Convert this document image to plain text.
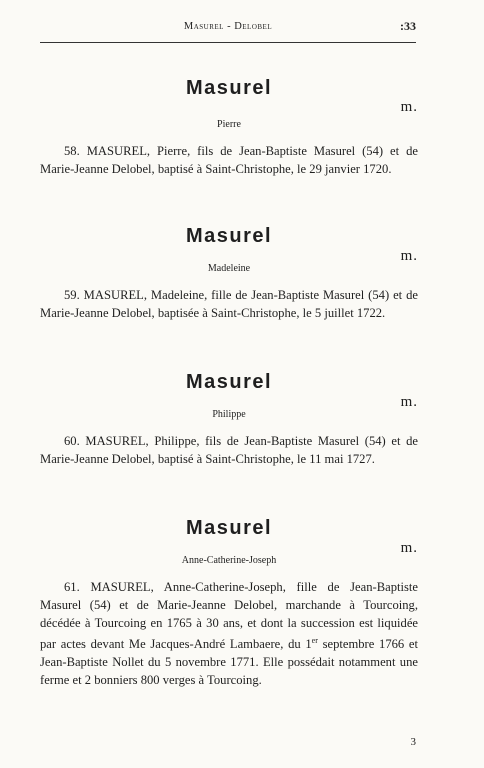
Masurel - Delobel	:33
Masurel
m.
Pierre
58. MASUREL, Pierre, fils de Jean-Baptiste Masurel (54) et de Marie-Jeanne Delobel, baptisé à Saint-Christophe, le 29 janvier 1720.
Masurel
m.
Madeleine
59. MASUREL, Madeleine, fille de Jean-Baptiste Masurel (54) et de Marie-Jeanne Delobel, baptisée à Saint-Christophe, le 5 juillet 1722.
Masurel
m.
Philippe
60. MASUREL, Philippe, fils de Jean-Baptiste Masurel (54) et de Marie-Jeanne Delobel, baptisé à Saint-Christophe, le 11 mai 1727.
Masurel
m.
Anne-Catherine-Joseph
61. MASUREL, Anne-Catherine-Joseph, fille de Jean-Baptiste Masurel (54) et de Marie-Jeanne Delobel, marchande à Tourcoing, décédée à Tourcoing en 1765 à 30 ans, et dont la succession est liquidée par actes devant Me Jacques-André Lambaere, du 1er septembre 1766 et Jean-Baptiste Nollet du 5 novembre 1771. Elle possédait notamment une ferme et 2 bonniers 800 verges à Tourcoing.
3
